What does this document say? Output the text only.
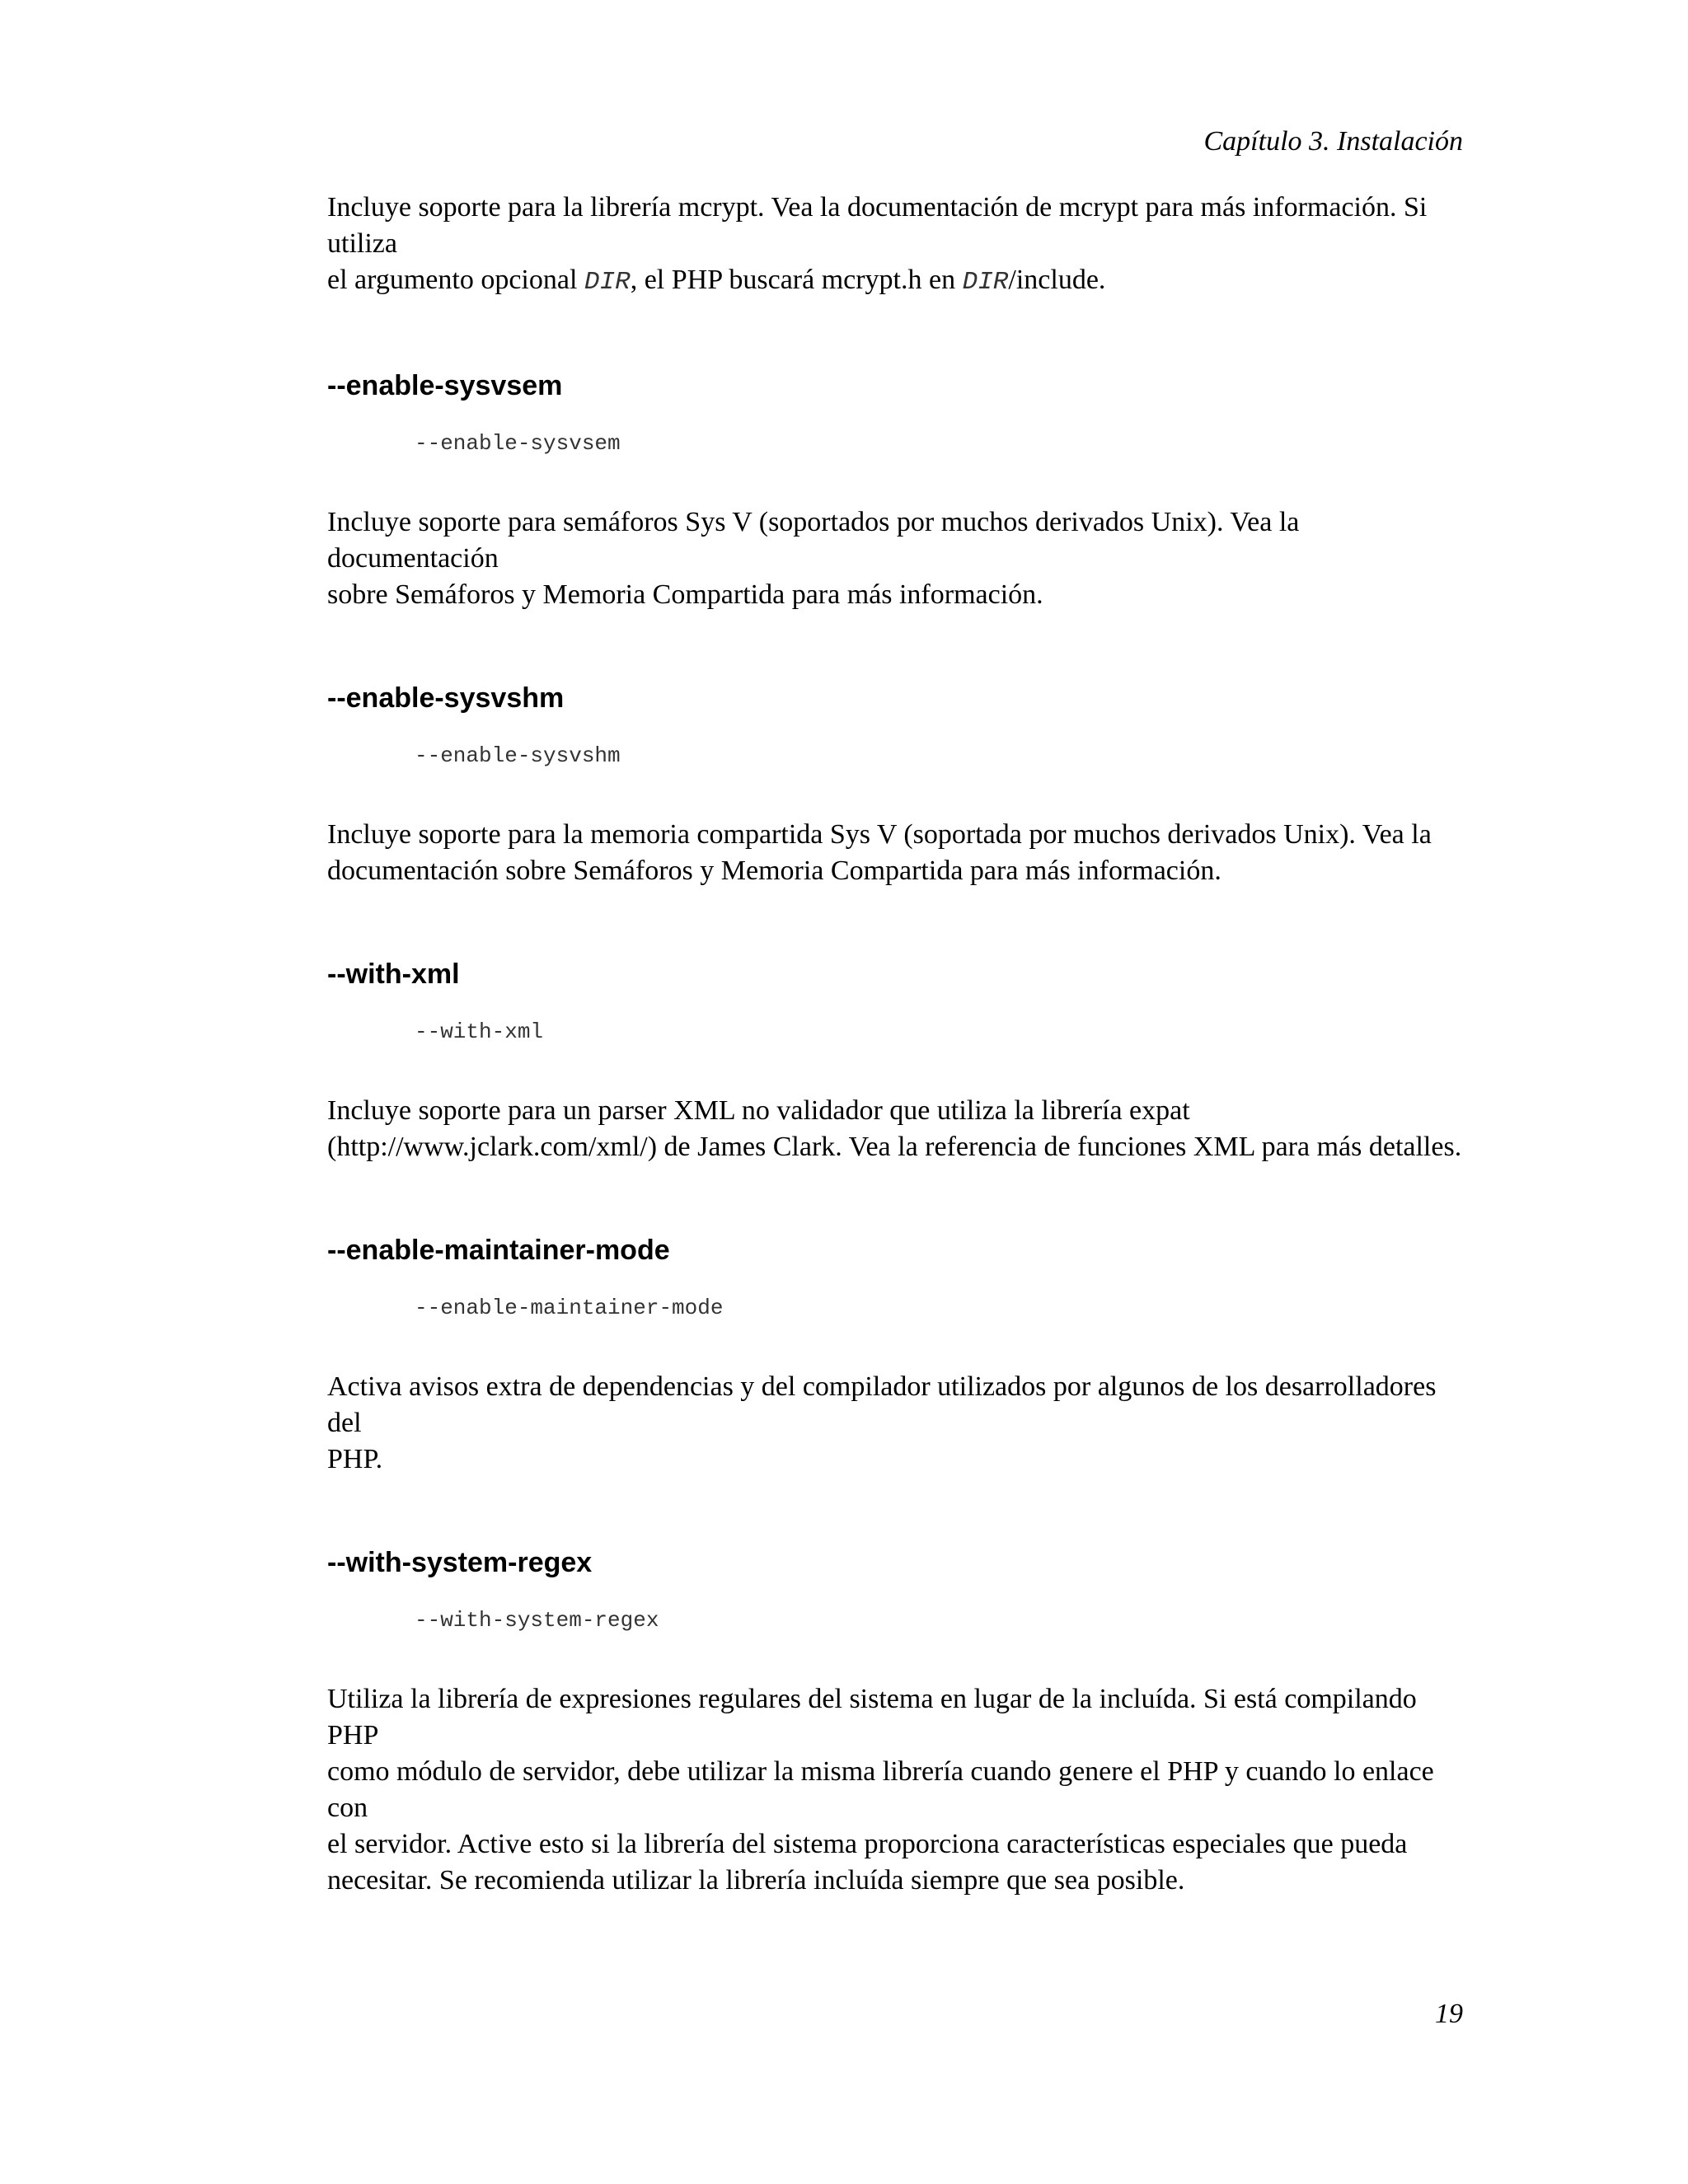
Capítulo 3. Instalación

Incluye soporte para la librería mcrypt. Vea la documentación de mcrypt para más información. Si utiliza
el argumento opcional DIR, el PHP buscará mcrypt.h en DIR/include.

--enable-sysvsem
--enable-sysvsem

Incluye soporte para semáforos Sys V (soportados por muchos derivados Unix). Vea la documentación
sobre Semáforos y Memoria Compartida para más información.

--enable-sysvshm
--enable-sysvshm

Incluye soporte para la memoria compartida Sys V (soportada por muchos derivados Unix). Vea la
documentación sobre Semáforos y Memoria Compartida para más información.

--with-xml
--with-xml

Incluye soporte para un parser XML no validador que utiliza la librería expat
(http://www.jclark.com/xml/) de James Clark. Vea la referencia de funciones XML para más detalles.

--enable-maintainer-mode
--enable-maintainer-mode

Activa avisos extra de dependencias y del compilador utilizados por algunos de los desarrolladores del
PHP.

--with-system-regex
--with-system-regex

Utiliza la librería de expresiones regulares del sistema en lugar de la incluída. Si está compilando PHP
como módulo de servidor, debe utilizar la misma librería cuando genere el PHP y cuando lo enlace con
el servidor. Active esto si la librería del sistema proporciona características especiales que pueda
necesitar. Se recomienda utilizar la librería incluída siempre que sea posible.

19
